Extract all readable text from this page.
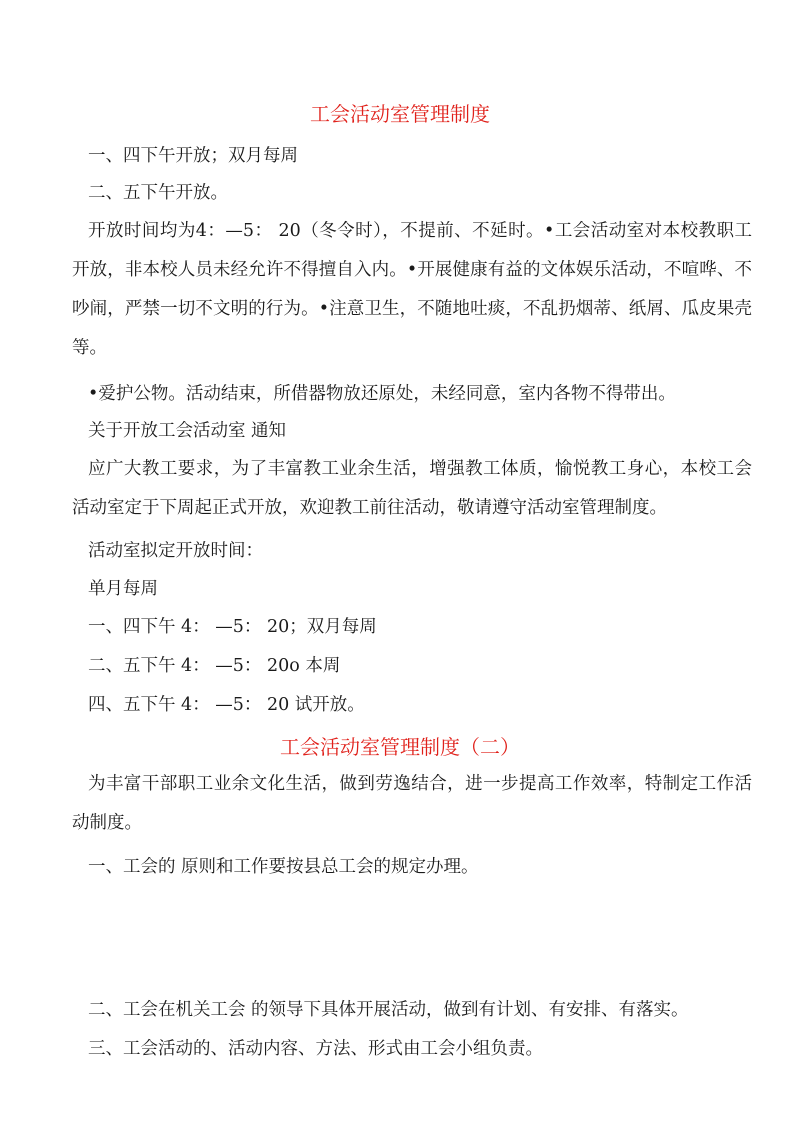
工会活动室管理制度

一、四下午开放；双月每周

二、五下午开放。

开放时间均为4：—5： 20（冬令时），不提前、不延时。•工会活动室对本校教职工开放，非本校人员未经允许不得擅自入内。•开展健康有益的文体娱乐活动，不喧哗、不吵闹，严禁一切不文明的行为。•注意卫生，不随地吐痰，不乱扔烟蒂、纸屑、瓜皮果壳等。

•爱护公物。活动结束，所借器物放还原处，未经同意，室内各物不得带出。

关于开放工会活动室 通知

应广大教工要求，为了丰富教工业余生活，增强教工体质，愉悦教工身心，本校工会活动室定于下周起正式开放，欢迎教工前往活动，敬请遵守活动室管理制度。

活动室拟定开放时间：

单月每周

一、四下午 4： —5： 20；双月每周

二、五下午 4： —5： 20o 本周

四、五下午 4： —5： 20 试开放。

工会活动室管理制度（二）

为丰富干部职工业余文化生活，做到劳逸结合，进一步提高工作效率，特制定工作活动制度。

一、工会的 原则和工作要按县总工会的规定办理。

二、工会在机关工会 的领导下具体开展活动，做到有计划、有安排、有落实。

三、工会活动的、活动内容、方法、形式由工会小组负责。
